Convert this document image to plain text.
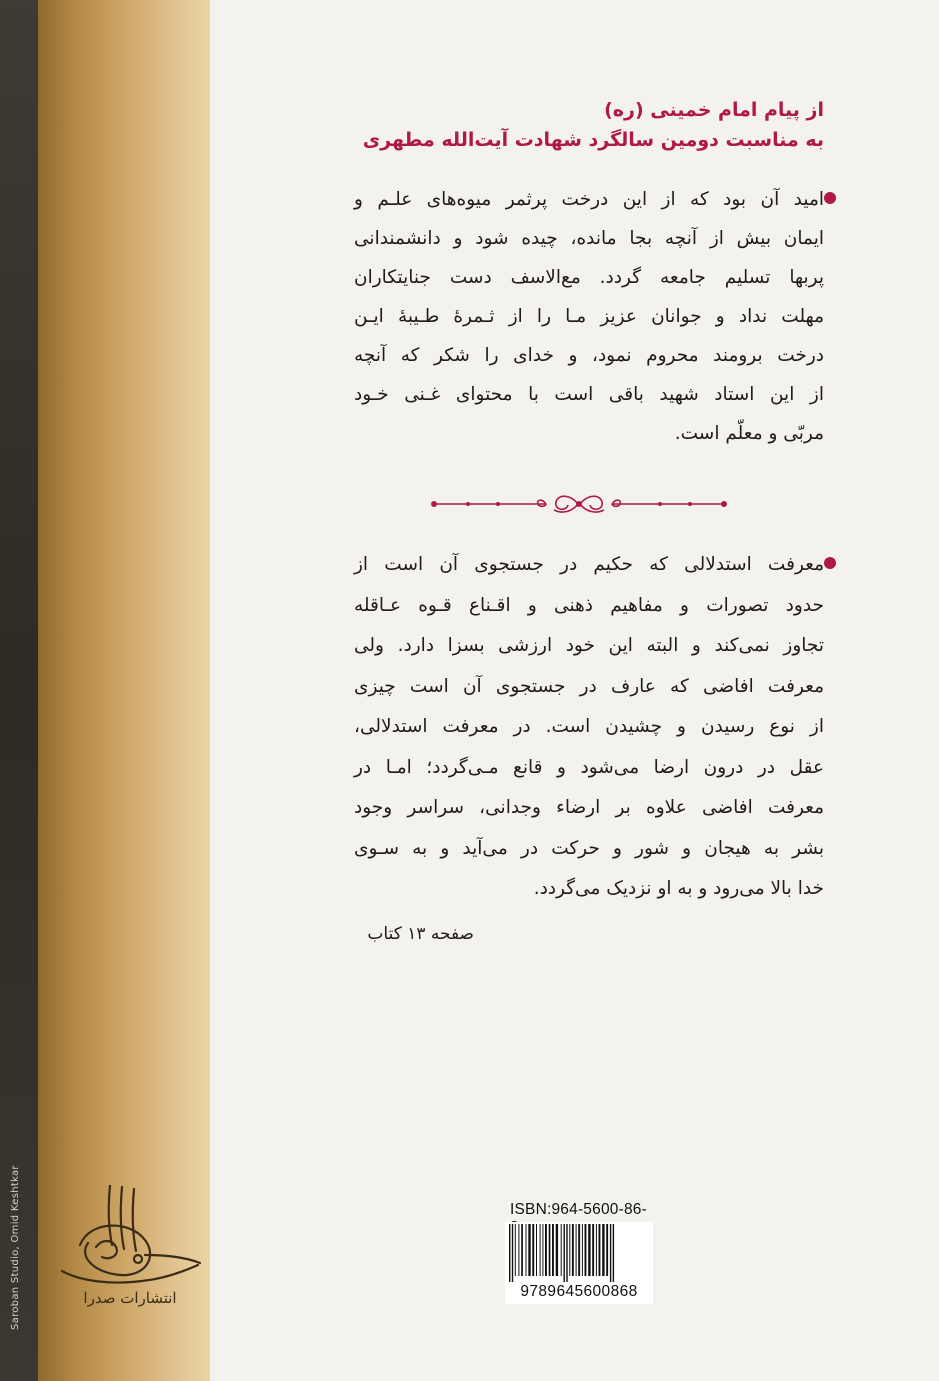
Saroban Studio, Omid Keshtkar
از پیام امام خمینی (ره)
به مناسبت دومین سالگرد شهادت آیت‌الله مطهری
امید آن بود که از این درخت پرثمر میوه‌های علـم و
ایمان بیش از آنچه بجا مانده، چیده شود و دانشمندانی
پربها تسلیم جامعه گردد. مع‌الاسف دست جنایتکاران
مهلت نداد و جوانان عزیز مـا را از ثـمرهٔ طـیبهٔ ایـن
درخت برومند محروم نمود، و خدای را شکر که آنچه
از این استاد شهید باقی است با محتوای غـنی خـود
مربّی و معلّم است.
معرفت استدلالی که حکیم در جستجوی آن است از
حدود تصورات و مفاهیم ذهنی و اقـناع قـوه عـاقله
تجاوز نمی‌کند و البته این خود ارزشی بسزا دارد. ولی
معرفت افاضی که عارف در جستجوی آن است چیزی
از نوع رسیدن و چشیدن است. در معرفت استدلالی،
عقل در درون ارضا می‌شود و قانع مـی‌گردد؛ امـا در
معرفت افاضی علاوه بر ارضاء وجدانی، سراسر وجود
بشر به هیجان و شور و حرکت در می‌آید و به سـوی
خدا بالا می‌رود و به او نزدیک می‌گردد.
صفحه ۱۳ کتاب
ISBN:964-5600-86-
9789645600868
انتشارات صدرا
